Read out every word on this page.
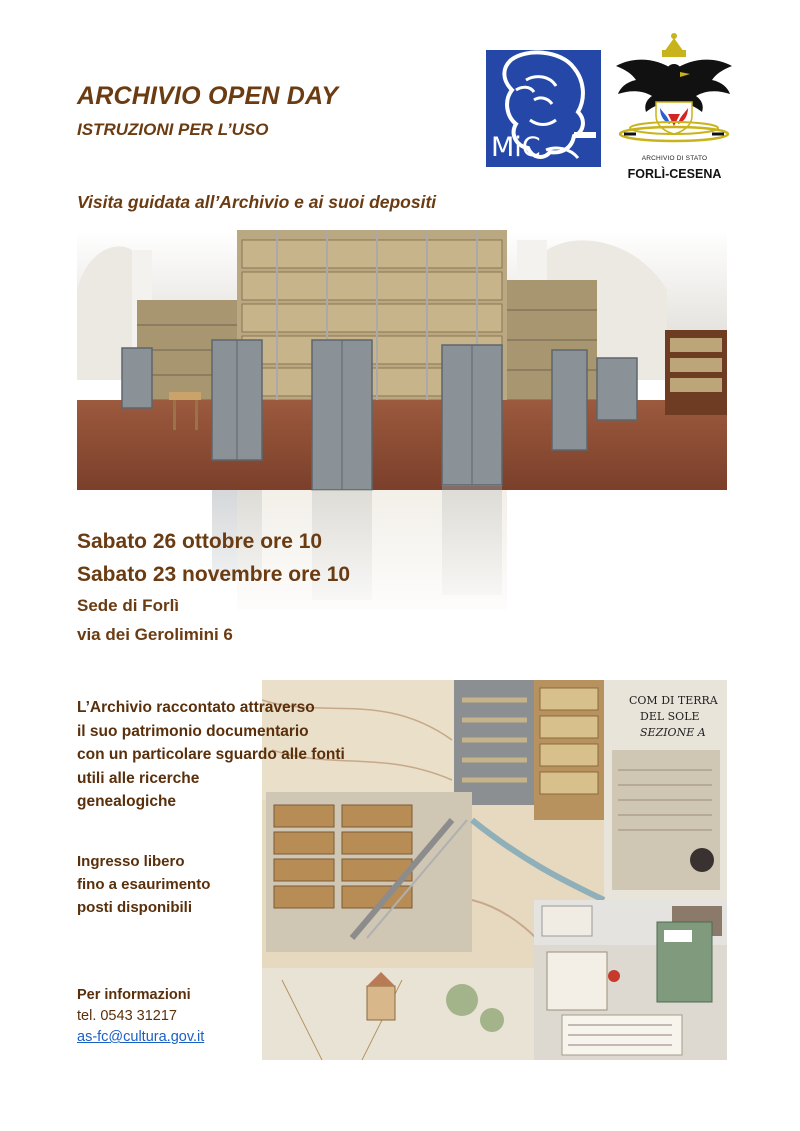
ARCHIVIO OPEN DAY
ISTRUZIONI PER L’USO
MiC	ARCHIVIO DI STATO
FORLÌ-CESENA
Visita guidata all’Archivio e ai suoi depositi
Sabato 26 ottobre ore 10
Sabato 23 novembre ore 10
Sede di Forlì
via dei Gerolimini 6
COM DI TERRA
DEL SOLE
SEZIONE A
L’Archivio raccontato attraverso
il suo patrimonio documentario
con un particolare sguardo alle fonti
utili alle ricerche
genealogiche
Ingresso libero
fino a esaurimento
posti disponibili
Per informazioni
tel. 0543 31217
as-fc@cultura.gov.it
